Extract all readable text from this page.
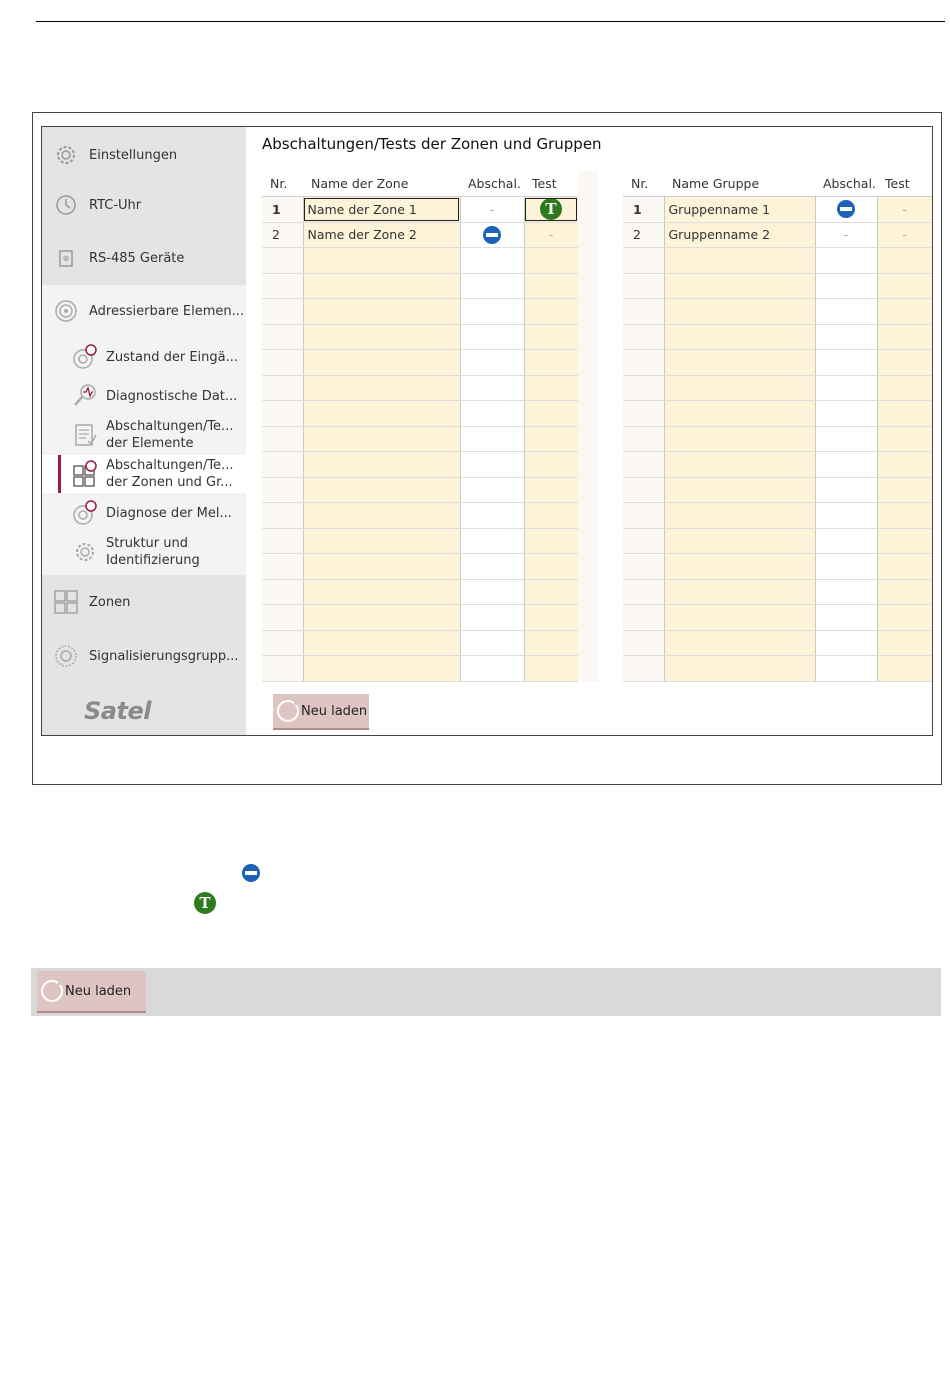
Einstellungen
RTC-Uhr
RS-485 Geräte
Adressierbare Elemen...
Zustand der Eingä...
Diagnostische Dat...
Abschaltungen/Te...
der Elemente
Abschaltungen/Te...
der Zonen und Gr...
Diagnose der Mel...
Struktur und
Identifizierung
Zonen
Signalisierungsgrupp...
Satel
Abschaltungen/Tests der Zonen und Gruppen
Nr.	Name der Zone	Abschal.	Test
1	Name der Zone 1	-	T
2	Name der Zone 2		-

Nr.	Name Gruppe	Abschal.	Test
1	Gruppenname 1		-
2	Gruppenname 2	-	-

Neu laden
T
Neu laden
